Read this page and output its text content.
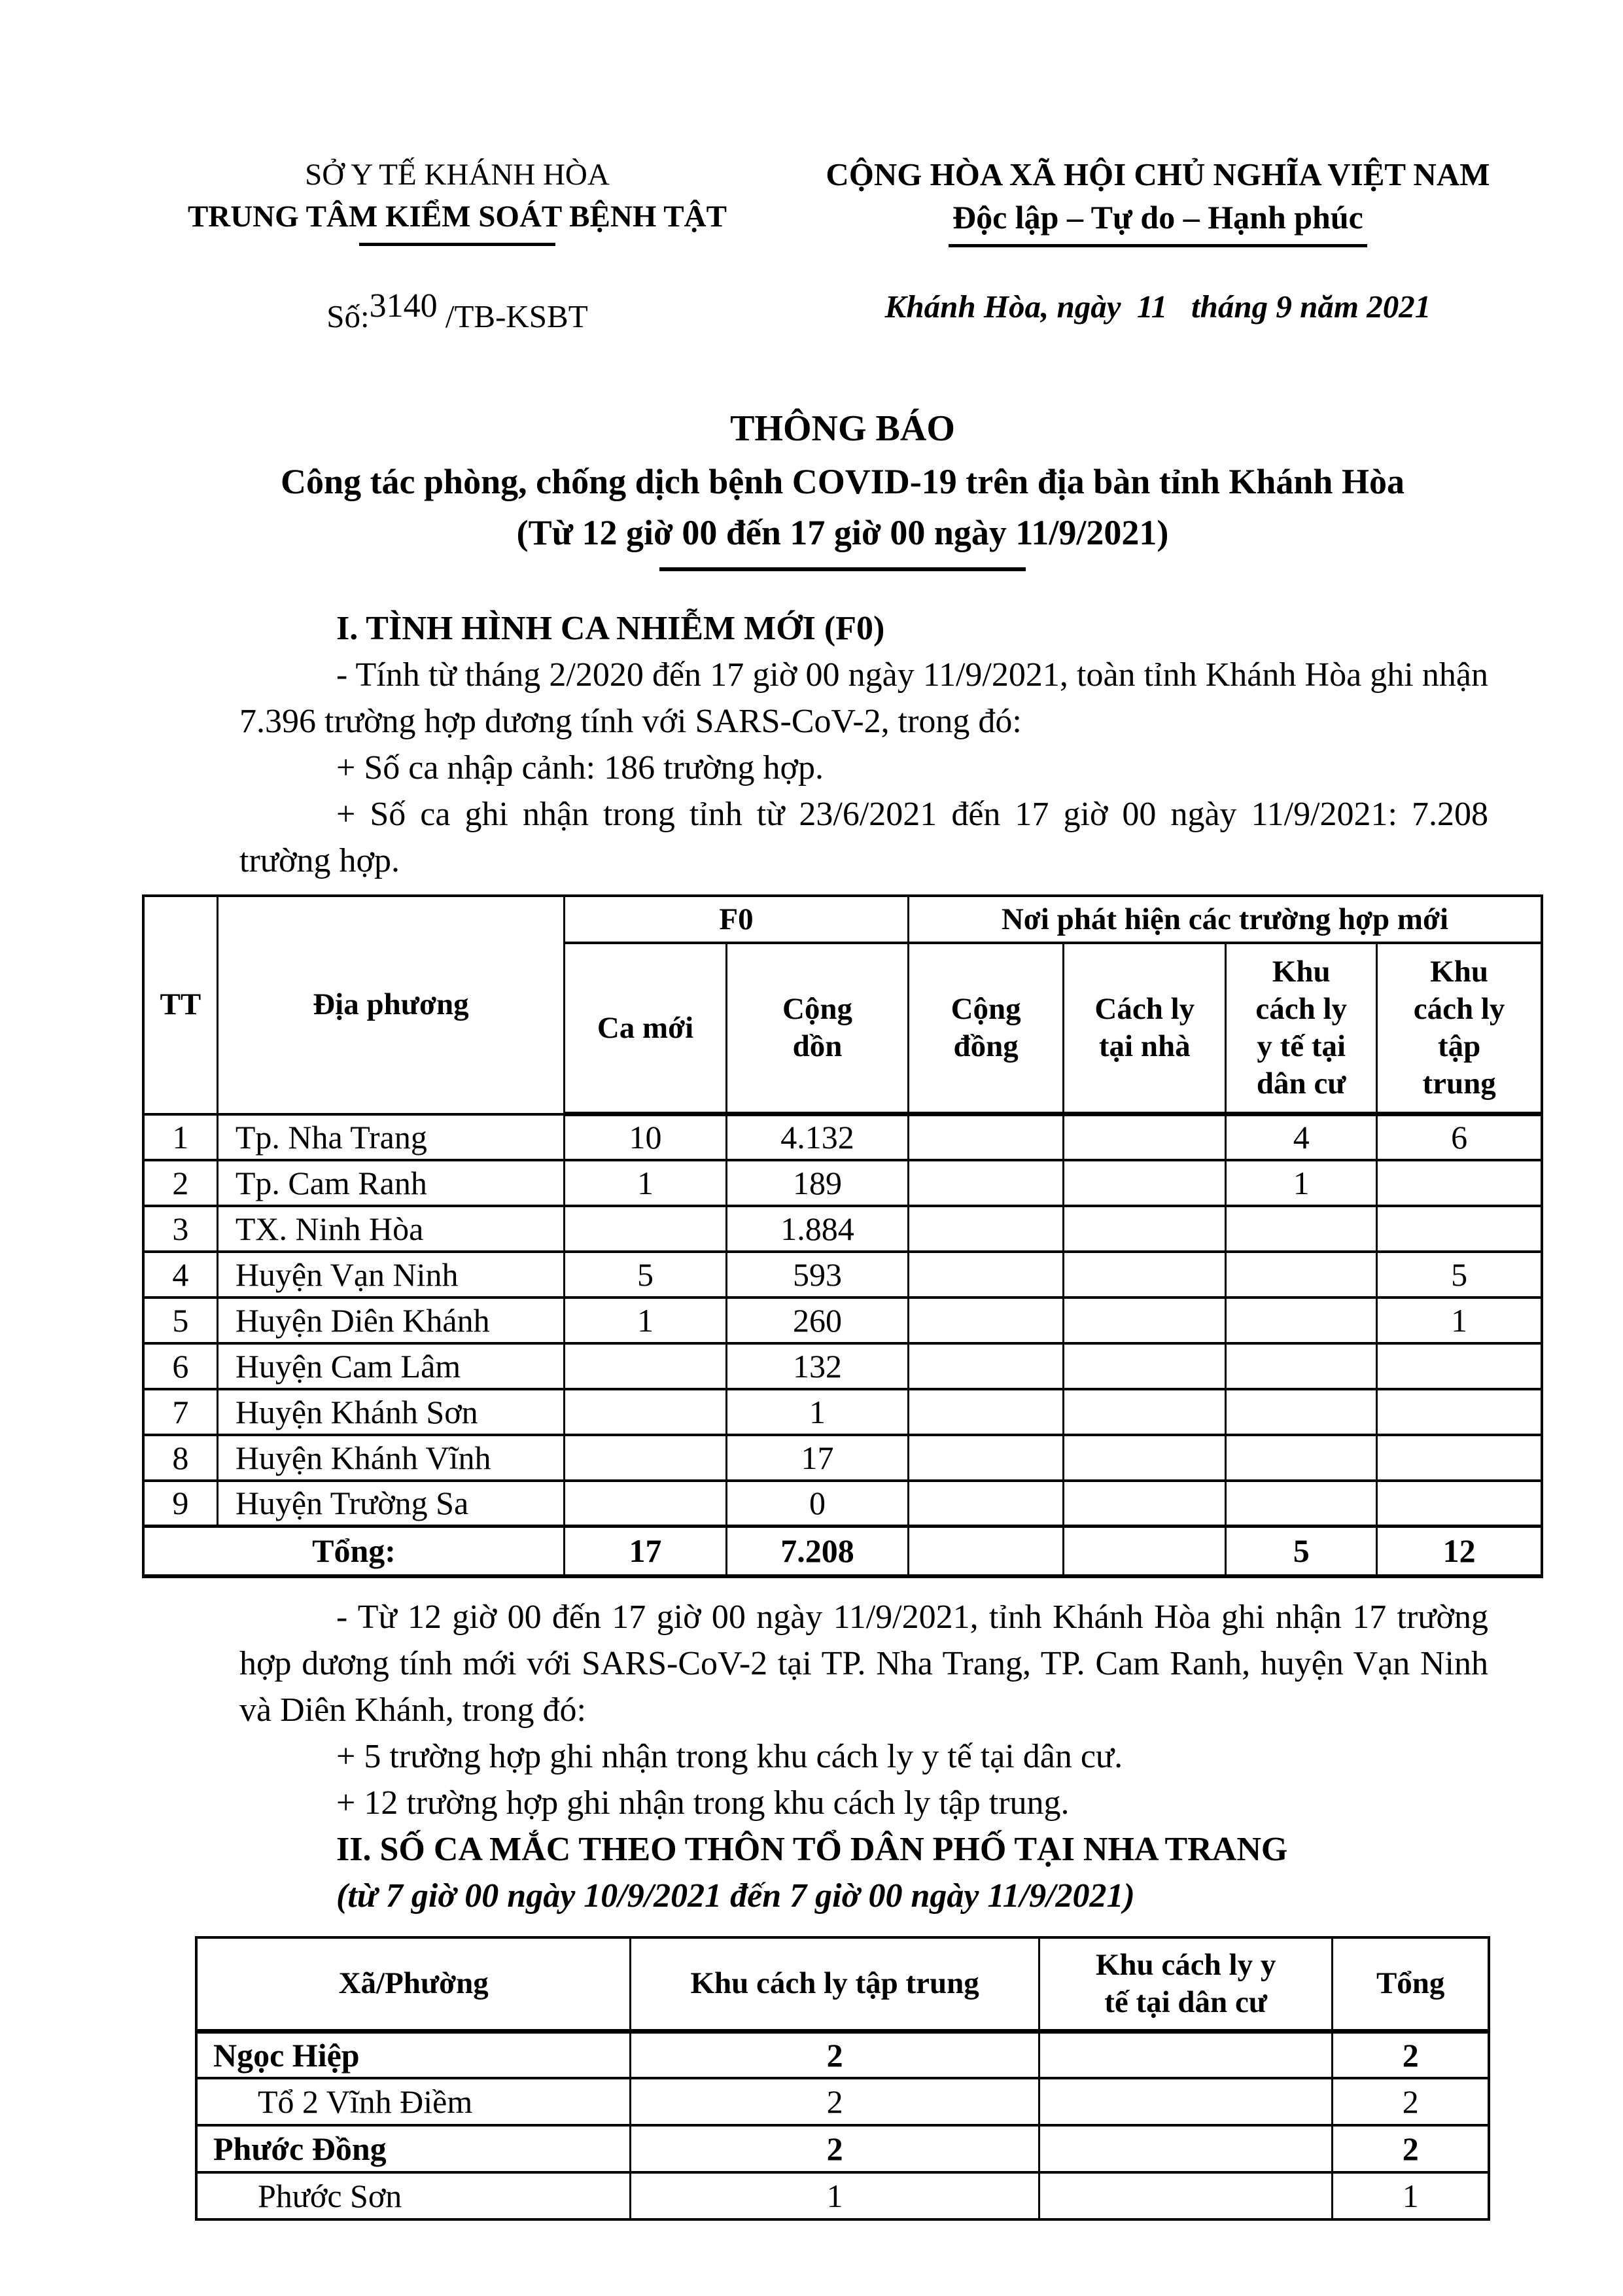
SỞ Y TẾ KHÁNH HÒA
TRUNG TÂM KIỂM SOÁT BỆNH TẬT
Số:3140 /TB-KSBT
CỘNG HÒA XÃ HỘI CHỦ NGHĨA VIỆT NAM
Độc lập – Tự do – Hạnh phúc
Khánh Hòa, ngày  11   tháng 9 năm 2021
THÔNG BÁO
Công tác phòng, chống dịch bệnh COVID-19 trên địa bàn tỉnh Khánh Hòa
(Từ 12 giờ 00 đến 17 giờ 00 ngày 11/9/2021)

I. TÌNH HÌNH CA NHIỄM MỚI (F0)

- Tính từ tháng 2/2020 đến 17 giờ 00 ngày 11/9/2021, toàn tỉnh Khánh Hòa ghi nhận 7.396 trường hợp dương tính với SARS-CoV-2, trong đó:

+ Số ca nhập cảnh: 186 trường hợp.

+ Số ca ghi nhận trong tỉnh từ 23/6/2021 đến 17 giờ 00 ngày 11/9/2021: 7.208 trường hợp.

TT	Địa phương	F0		Nơi phát hiện các trường hợp mới			
		Ca mới	Cộng
dồn	Cộng
đồng	Cách ly
tại nhà	Khu
cách ly
y tế tại
dân cư	Khu
cách ly
tập
trung
1	Tp. Nha Trang	10	4.132			4	6
2	Tp. Cam Ranh	1	189			1	
3	TX. Ninh Hòa		1.884				
4	Huyện Vạn Ninh	5	593				5
5	Huyện Diên Khánh	1	260				1
6	Huyện Cam Lâm		132				
7	Huyện Khánh Sơn		1				
8	Huyện Khánh Vĩnh		17				
9	Huyện Trường Sa		0				
Tổng:		17	7.208			5	12

- Từ 12 giờ 00 đến 17 giờ 00 ngày 11/9/2021, tỉnh Khánh Hòa ghi nhận 17 trường hợp dương tính mới với SARS-CoV-2 tại TP. Nha Trang, TP. Cam Ranh, huyện Vạn Ninh và Diên Khánh, trong đó:

+ 5 trường hợp ghi nhận trong khu cách ly y tế tại dân cư.

+ 12 trường hợp ghi nhận trong khu cách ly tập trung.

II. SỐ CA MẮC THEO THÔN TỔ DÂN PHỐ TẠI NHA TRANG

(từ 7 giờ 00 ngày 10/9/2021 đến 7 giờ 00 ngày 11/9/2021)

Xã/Phường	Khu cách ly tập trung	Khu cách ly y
tế tại dân cư	Tổng
Ngọc Hiệp	2		2
Tổ 2 Vĩnh Điềm	2		2
Phước Đồng	2		2
Phước Sơn	1		1
